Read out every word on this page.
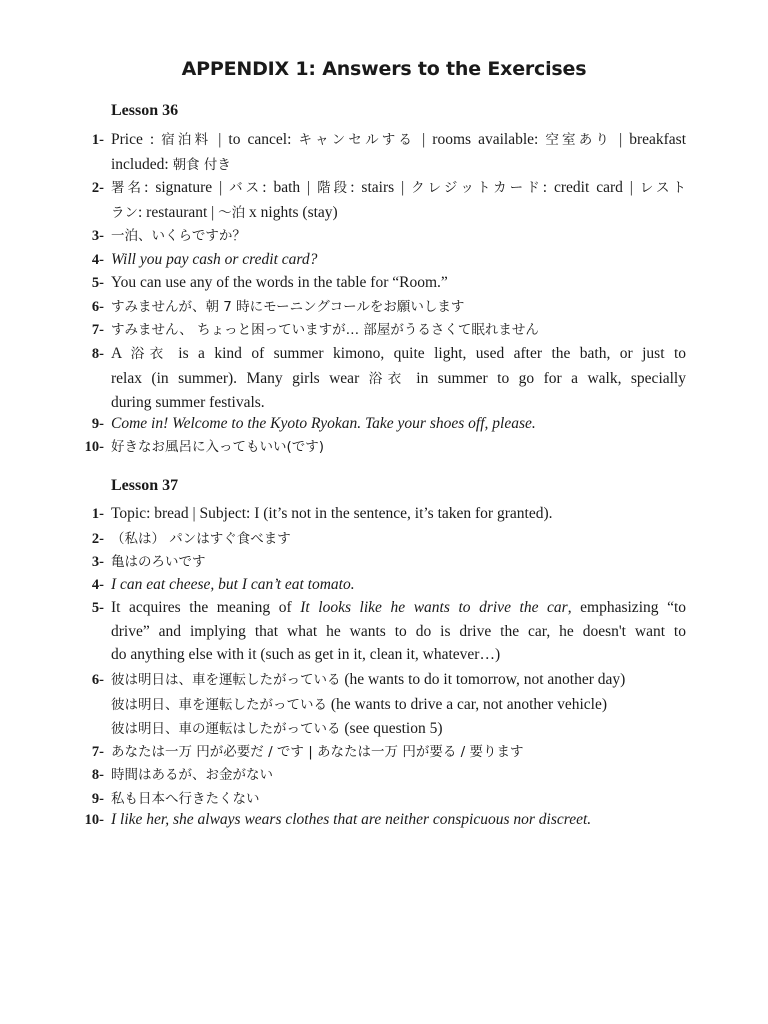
APPENDIX 1: Answers to the Exercises
Lesson 36
1- Price : 宿泊料 | to cancel: キャンセルする | rooms available: 空室あり | breakfast
included: 朝食 付き
2- 署名: signature | バス: bath | 階段: stairs | クレジットカード: credit card | レスト
ラン: restaurant | ～泊 x nights (stay)
3- 一泊、いくらですか？
4- Will you pay cash or credit card?
5- You can use any of the words in the table for “Room.”
6- すみませんが、朝 7 時にモーニングコールをお願いします
7- すみません、 ちょっと困っていますが… 部屋がうるさくて眠れません
8- A 浴衣 is a kind of summer kimono, quite light, used after the bath, or just to
relax (in summer). Many girls wear 浴衣 in summer to go for a walk, specially
during summer festivals.
9- Come in! Welcome to the Kyoto Ryokan. Take your shoes off, please.
10- 好きなお風呂に入ってもいい(です)
Lesson 37
1- Topic: bread | Subject: I (it’s not in the sentence, it’s taken for granted).
2- （私は） パンはすぐ食べます
3- 亀はのろいです
4- I can eat cheese, but I can’t eat tomato.
5- It acquires the meaning of It looks like he wants to drive the car, emphasizing “to
drive” and implying that what he wants to do is drive the car, he doesn't want to
do anything else with it (such as get in it, clean it, whatever…)
6- 彼は明日は、車を運転したがっている (he wants to do it tomorrow, not another day)
彼は明日、車を運転したがっている (he wants to drive a car, not another vehicle)
彼は明日、車の運転はしたがっている (see question 5)
7- あなたは一万 円が必要だ / です | あなたは一万 円が要る / 要ります
8- 時間はあるが、お金がない
9- 私も日本へ行きたくない
10- I like her, she always wears clothes that are neither conspicuous nor discreet.
